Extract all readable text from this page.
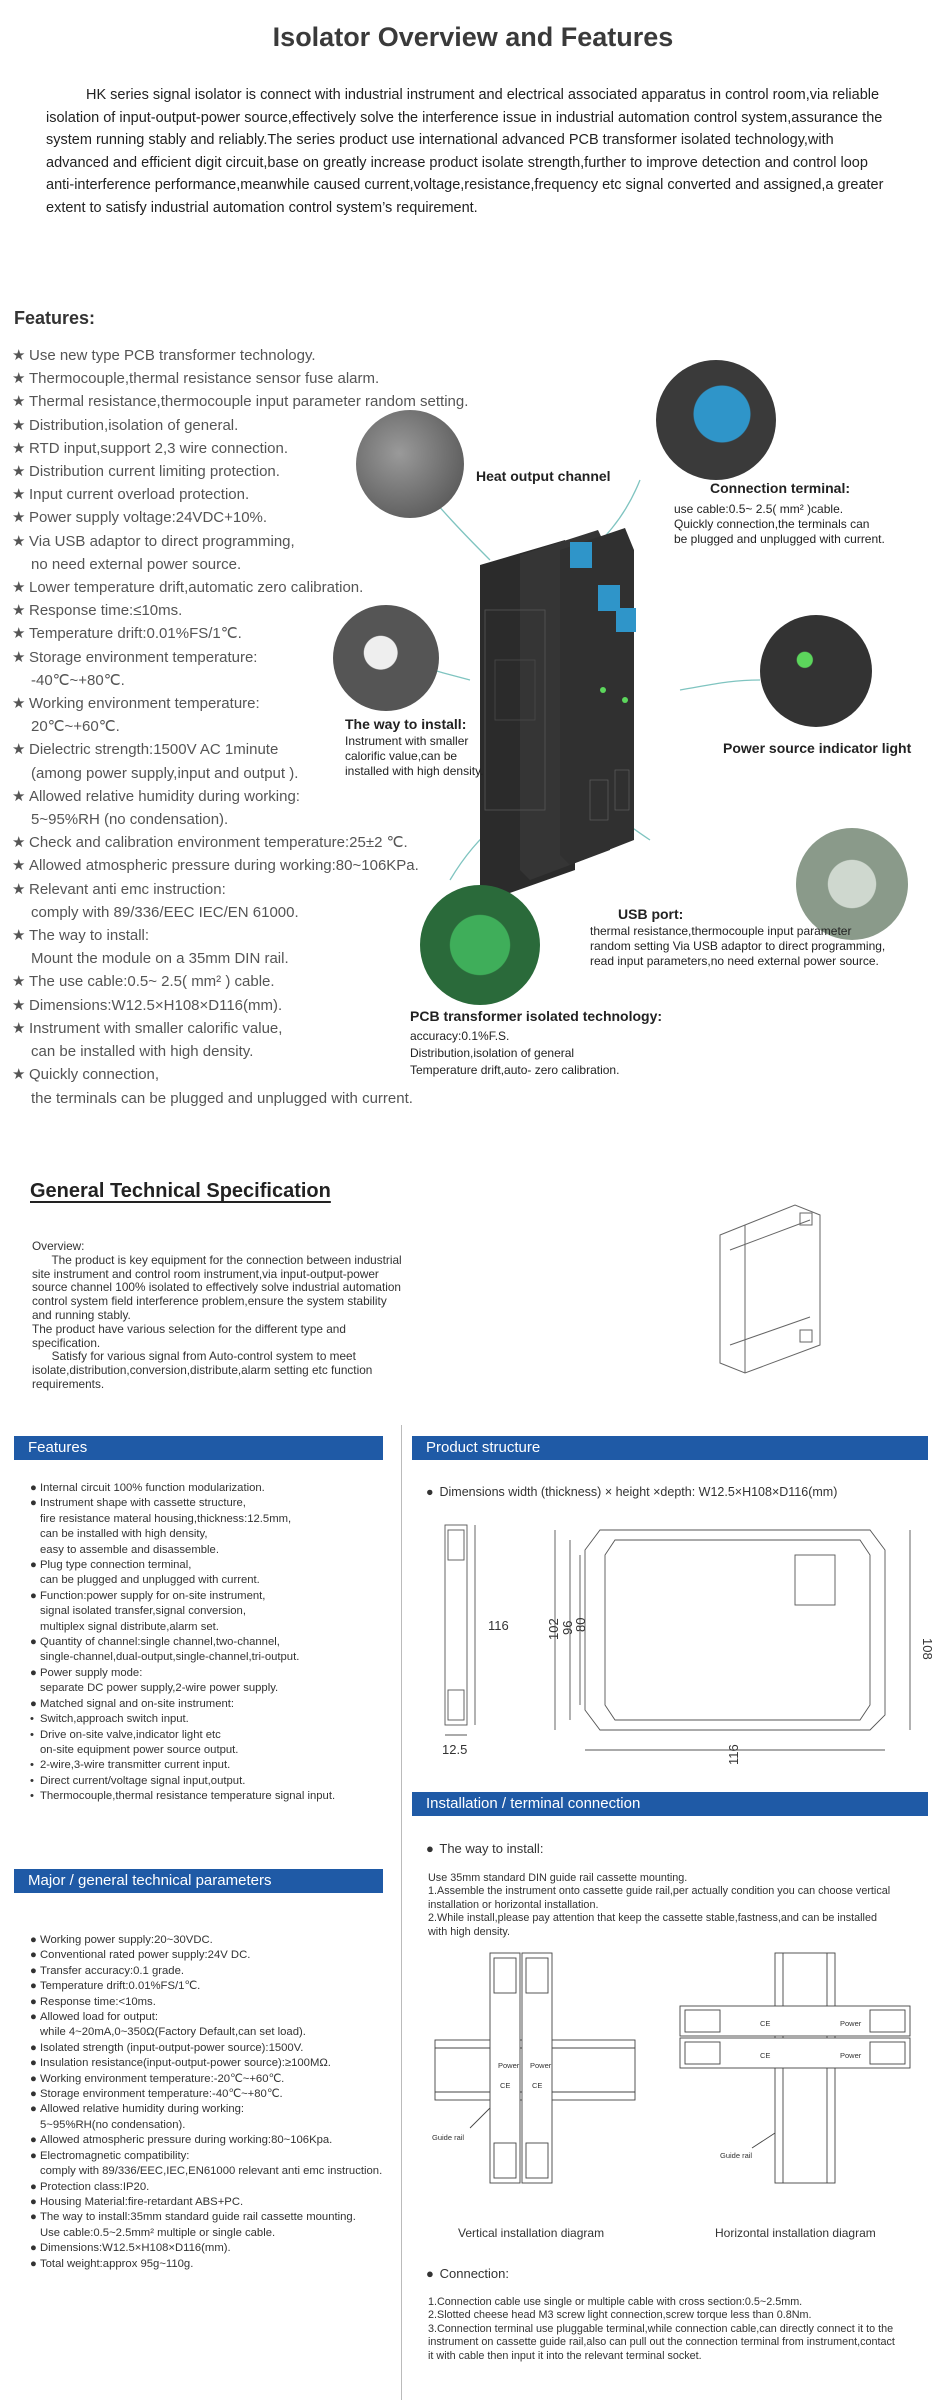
Isolator Overview and Features
HK series signal isolator is connect with industrial instrument and electrical associated apparatus in control room,via reliable isolation of input-output-power source,effectively solve the interference issue in industrial automation control system,assurance the system running stably and reliably.The series product use international advanced PCB transformer isolated technology,with advanced and efficient digit circuit,base on greatly increase product isolate strength,further to improve detection and control loop anti-interference performance,meanwhile caused current,voltage,resistance,frequency etc signal converted and assigned,a greater extent to satisfy industrial automation control system’s requirement.
Features:
★ Use new type PCB transformer technology.
★ Thermocouple,thermal resistance sensor fuse alarm.
★ Thermal resistance,thermocouple input parameter random setting.
★ Distribution,isolation of general.
★ RTD input,support 2,3 wire connection.
★ Distribution current limiting protection.
★ Input current overload protection.
★ Power supply voltage:24VDC+10%.
★ Via USB adaptor to direct programming,
no need external power source.
★ Lower temperature drift,automatic zero calibration.
★ Response time:≤10ms.
★ Temperature drift:0.01%FS/1℃.
★ Storage environment temperature:
-40℃~+80℃.
★ Working environment temperature:
20℃~+60℃.
★ Dielectric strength:1500V AC 1minute
(among power supply,input and output ).
★ Allowed relative humidity during working:
5~95%RH (no condensation).
★ Check and calibration environment temperature:25±2 ℃.
★ Allowed atmospheric pressure during working:80~106KPa.
★ Relevant anti emc instruction:
comply with 89/336/EEC IEC/EN 61000.
★ The way to install:
Mount the module on a 35mm DIN rail.
★ The use cable:0.5~ 2.5( mm² ) cable.
★ Dimensions:W12.5×H108×D116(mm).
★ Instrument with smaller calorific value,
can be installed with high density.
★ Quickly connection,
the terminals can be plugged and unplugged with current.
Heat output channel
Connection terminal:
use cable:0.5~ 2.5( mm² )cable.
Quickly connection,the terminals can
be plugged and unplugged with current.
The way to install:
Instrument with smaller
calorific value,can be
installed with high density.
Power source indicator light
USB port:
thermal resistance,thermocouple input parameter
random setting Via USB adaptor to direct programming,
read input parameters,no need external power source.
PCB transformer isolated technology:
accuracy:0.1%F.S.
Distribution,isolation of general
Temperature drift,auto- zero calibration.
General Technical Specification
Overview:
The product is key equipment for the connection between industrial
site instrument and control room instrument,via input-output-power
source channel 100% isolated to effectively solve industrial automation
control system field interference problem,ensure the system stability
and running stably.
The product have various selection for the different type and
specification.
Satisfy for various signal from Auto-control system to meet
isolate,distribution,conversion,distribute,alarm setting etc function
requirements.
Features
● Internal circuit 100% function modularization.
● Instrument shape with cassette structure,
fire resistance materal housing,thickness:12.5mm,
can be installed with high density,
easy to assemble and disassemble.
● Plug type connection terminal,
can be plugged and unplugged with current.
● Function:power supply for on-site instrument,
signal isolated transfer,signal conversion,
multiplex signal distribute,alarm set.
● Quantity of channel:single channel,two-channel,
single-channel,dual-output,single-channel,tri-output.
● Power supply mode:
separate DC power supply,2-wire power supply.
● Matched signal and on-site instrument:
• Switch,approach switch input.
• Drive on-site valve,indicator light etc
on-site equipment power source output.
• 2-wire,3-wire transmitter current input.
• Direct current/voltage signal input,output.
• Thermocouple,thermal resistance temperature signal input.
Major / general technical parameters
● Working power supply:20~30VDC.
● Conventional rated power supply:24V DC.
● Transfer accuracy:0.1 grade.
● Temperature drift:0.01%FS/1℃.
● Response time:<10ms.
● Allowed load for output:
while 4~20mA,0~350Ω(Factory Default,can set load).
● Isolated strength (input-output-power source):1500V.
● Insulation resistance(input-output-power source):≥100MΩ.
● Working environment temperature:-20℃~+60℃.
● Storage environment temperature:-40℃~+80℃.
● Allowed relative humidity during working:
5~95%RH(no condensation).
● Allowed atmospheric pressure during working:80~106Kpa.
● Electromagnetic compatibility:
comply with 89/336/EEC,IEC,EN61000 relevant anti emc instruction.
● Protection class:IP20.
● Housing Material:fire-retardant ABS+PC.
● The way to install:35mm standard guide rail cassette mounting.
Use cable:0.5~2.5mm² multiple or single cable.
● Dimensions:W12.5×H108×D116(mm).
● Total weight:approx 95g~110g.
Product structure
● Dimensions width (thickness) × height ×depth: W12.5×H108×D116(mm)
116
12.5
102 96
80
108
116
Installation / terminal connection
● The way to install:
Use 35mm standard DIN guide rail cassette mounting.
1.Assemble the instrument onto cassette guide rail,per actually condition you can choose vertical
installation or horizontal installation.
2.While install,please pay attention that keep the cassette stable,fastness,and can be installed
with high density.
Power Power
CE	CE
CE
CE
Power
Power
Guide rail
Guide rail
Vertical installation diagram	Horizontal installation diagram
● Connection:
1.Connection cable use single or multiple cable with cross section:0.5~2.5mm.
2.Slotted cheese head M3 screw light connection,screw torque less than 0.8Nm.
3.Connection terminal use pluggable terminal,while connection cable,can directly connect it to the
instrument on cassette guide rail,also can pull out the connection terminal from instrument,contact
it with cable then input it into the relevant terminal socket.
